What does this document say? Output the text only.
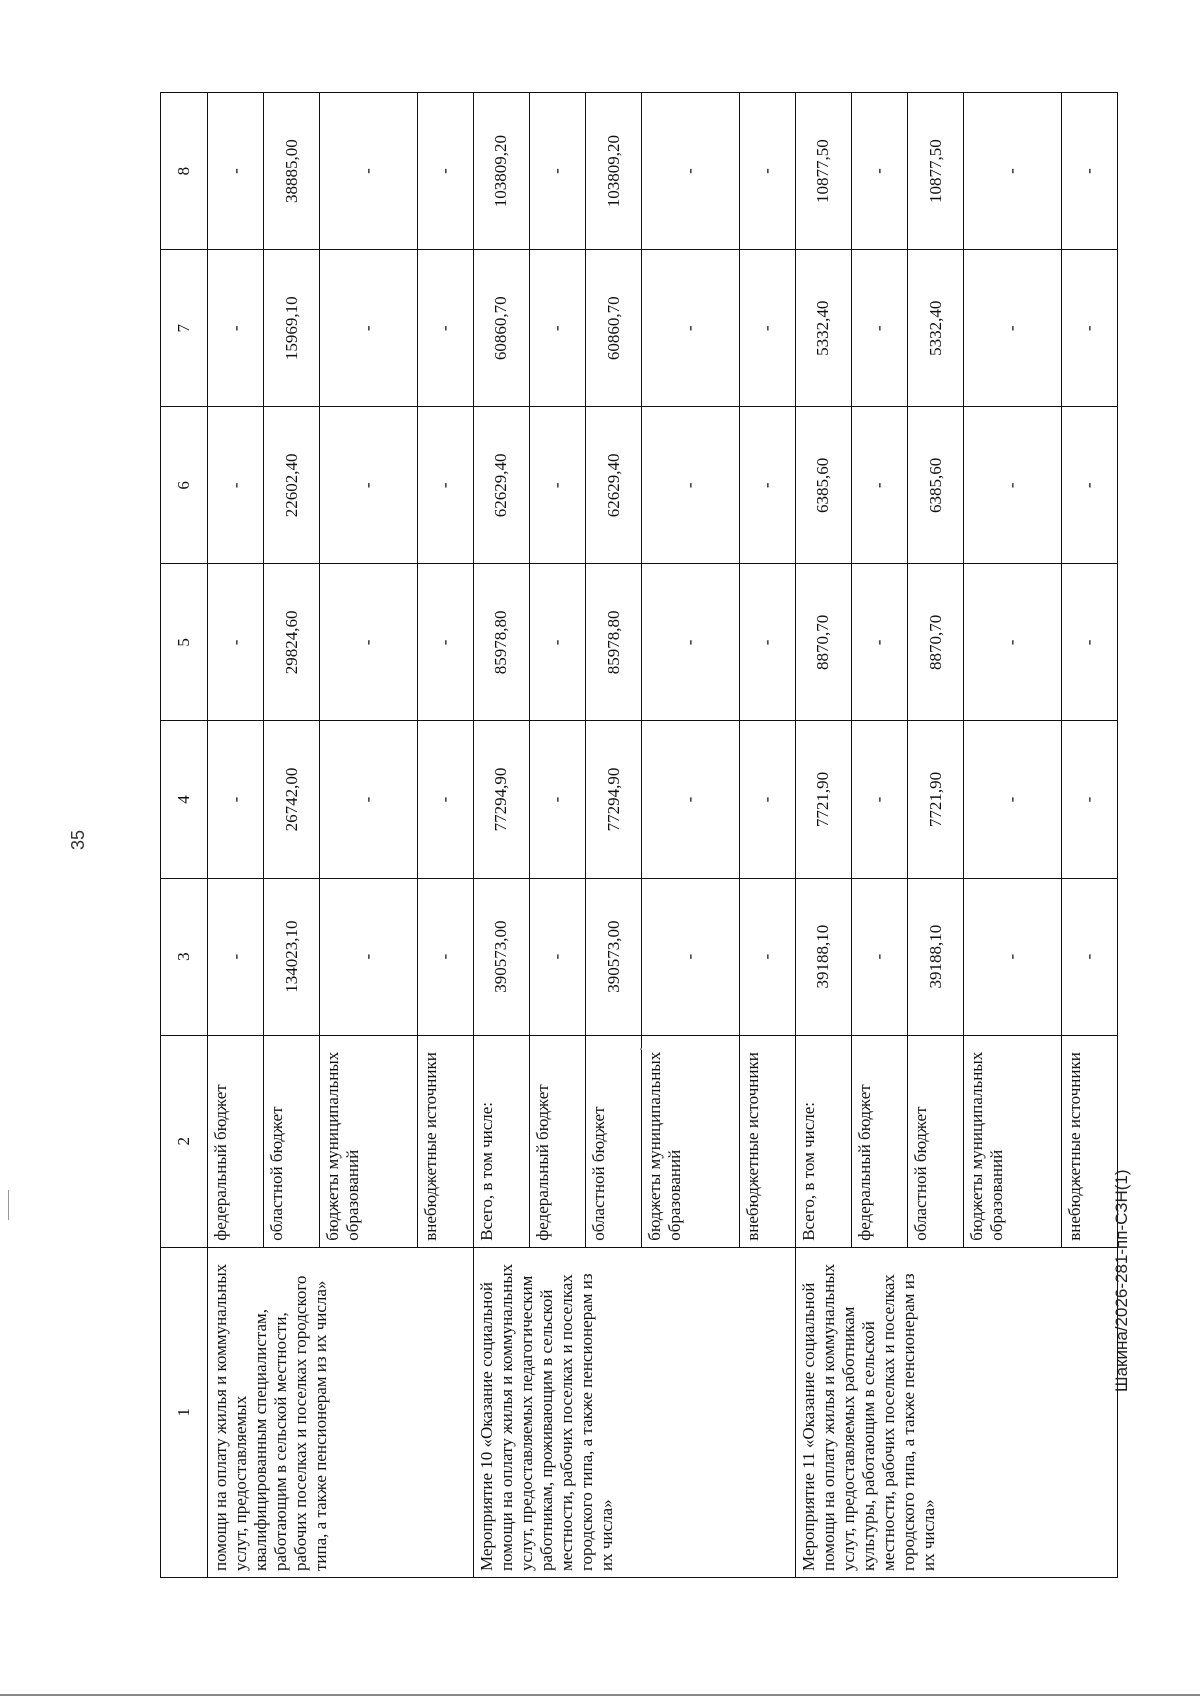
35
1	2	3	4	5	6	7	8
помощи на оплату жилья и коммунальных услут, предоставляемых квалифицированным специалистам, работающим в сельской местности, рабочих поселках и поселках городского типа, а также пенсионерам из их числа»	федеральный бюджет	-	-	-	-	-	-
	областной бюджет	134023,10	26742,00	29824,60	22602,40	15969,10	38885,00
	бюджеты муниципальных образований	-	-	-	-	-	-
	внебюджетные источники	-	-	-	-	-	-
Мероприятие 10 «Оказание социальной помощи на оплату жилья и коммунальных услут, предоставляемых педагогическим работникам, проживающим в сельской местности, рабочих поселках и поселках городского типа, а также пенсионерам из их числа»	Всего, в том числе:	390573,00	77294,90	85978,80	62629,40	60860,70	103809,20
	федеральный бюджет	-	-	-	-	-	-
	областной бюджет	390573,00	77294,90	85978,80	62629,40	60860,70	103809,20
	бюджеты муниципальных образований	-	-	-	-	-	-
	внебюджетные источники	-	-	-	-	-	-
Мероприятие 11 «Оказание социальной помощи на оплату жилья и коммунальных услут, предоставляемых работникам культуры, работающим в сельской местности, рабочих поселках и поселках городского типа, а также пенсионерам из их числа»	Всего, в том числе:	39188,10	7721,90	8870,70	6385,60	5332,40	10877,50
	федеральный бюджет	-	-	-	-	-	-
	областной бюджет	39188,10	7721,90	8870,70	6385,60	5332,40	10877,50
	бюджеты муниципальных образований	-	-	-	-	-	-
	внебюджетные источники	-	-	-	-	-	-
Шакина/2026-281-пп-СЗН(1)
